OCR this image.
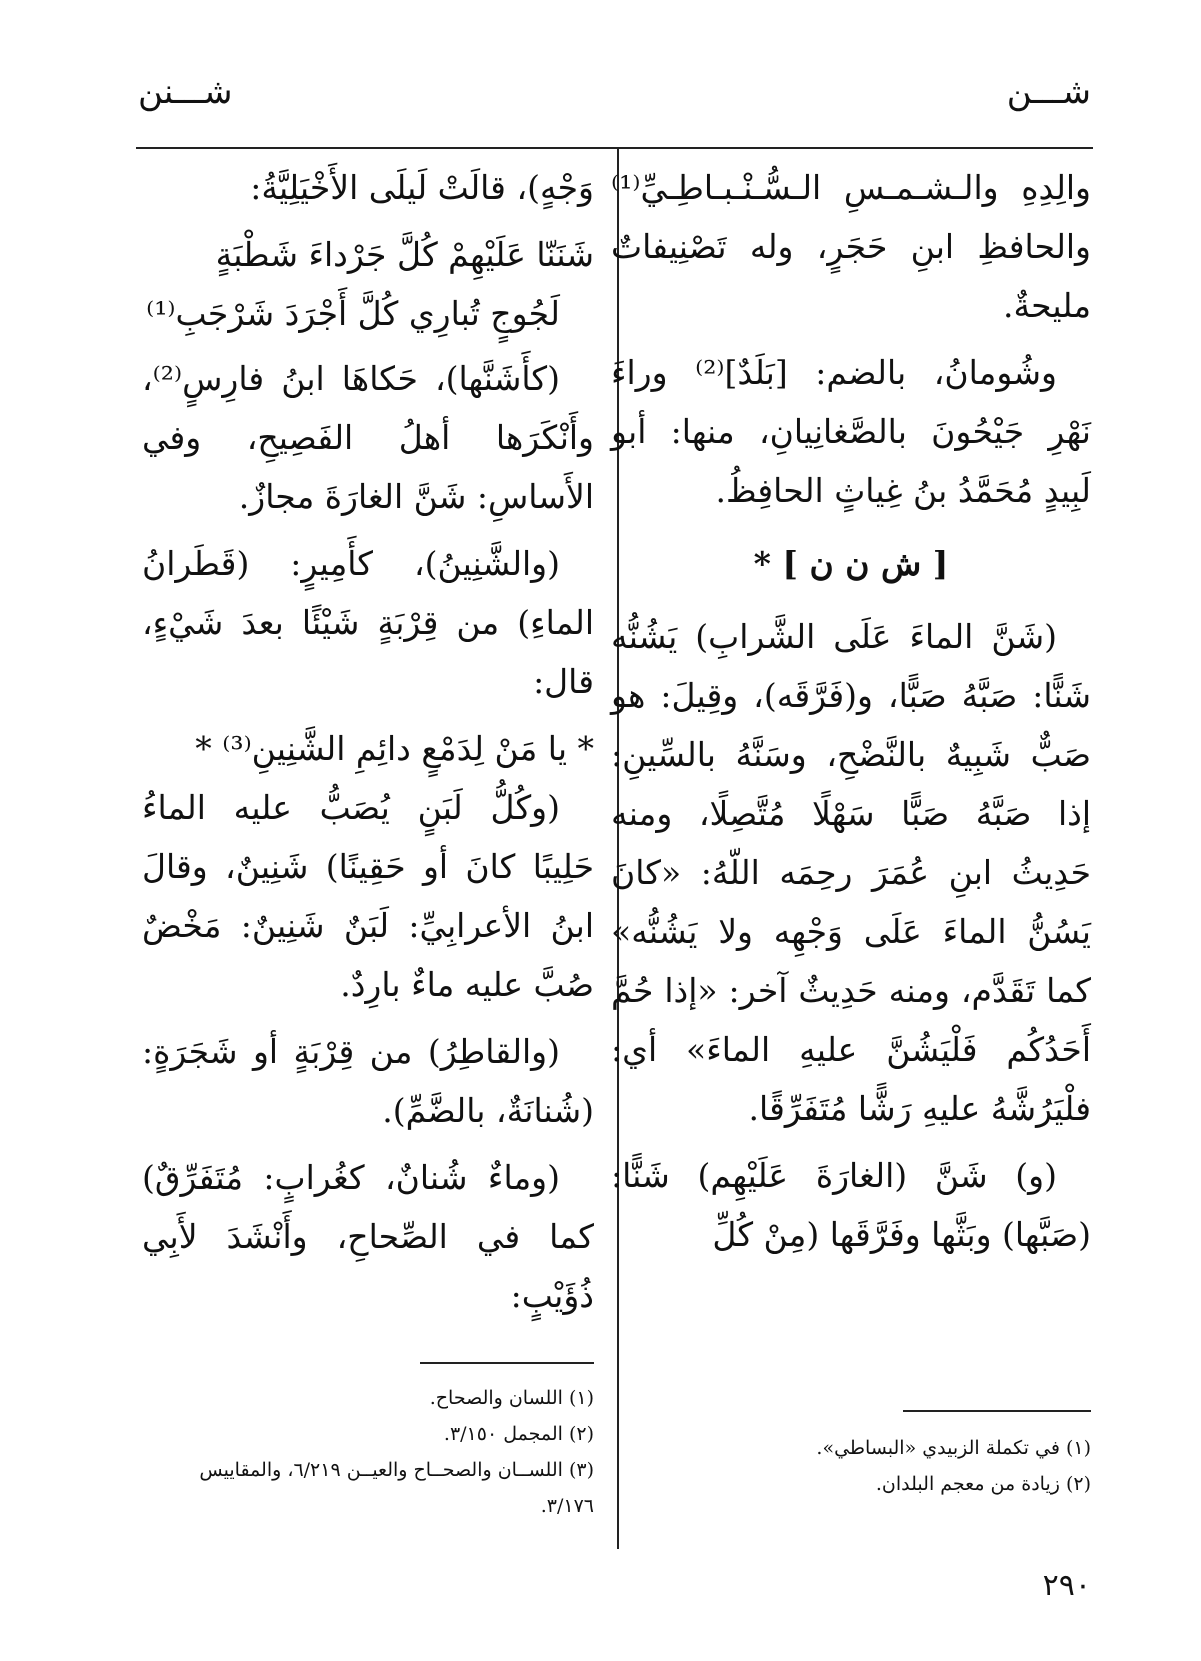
شـــن
شـــنن

والِدِهِ والـشـمـسِ الـسُّـنْـبـاطِـيِّ⁽¹⁾ والحافظِ ابنِ حَجَرٍ، وله تَصْنِيفاتٌ مليحةٌ.

وشُومانُ، بالضم: [بَلَدٌ]⁽²⁾ وراءَ نَهْرِ جَيْحُونَ بالصَّغانِيانِ، منها: أبو لَبِيدٍ مُحَمَّدُ بنُ غِياثٍ الحافِظُ.

[ ش ن ن ] *

(شَنَّ الماءَ عَلَى الشَّرابِ) يَشُنُّه شَنًّا: صَبَّهُ صَبًّا، و(فَرَّقَه)، وقِيلَ: هو صَبٌّ شَبِيهٌ بالنَّضْحِ، وسَنَّهُ بالسِّينِ: إذا صَبَّهُ صَبًّا سَهْلًا مُتَّصِلًا، ومنه حَدِيثُ ابنِ عُمَرَ رحِمَه اللّهُ: «كانَ يَسُنُّ الماءَ عَلَى وَجْهِه ولا يَشُنُّه» كما تَقَدَّم، ومنه حَدِيثٌ آخر: «إذا حُمَّ أَحَدُكُم فَلْيَشُنَّ عليهِ الماءَ» أي: فلْيَرُشَّهُ عليهِ رَشًّا مُتَفَرِّقًا.

(و) شَنَّ (الغارَةَ عَلَيْهِم) شَنًّا: (صَبَّها) وبَثَّها وفَرَّقَها (مِنْ كُلِّ

وَجْهٍ)، قالَتْ لَيلَى الأَخْيَلِيَّةُ:

شَنَنّا عَلَيْهِمْ كُلَّ جَرْداءَ شَطْبَةٍ

لَجُوجٍ تُبارِي كُلَّ أَجْرَدَ شَرْجَبِ⁽¹⁾

(كأَشَنَّها)، حَكاهَا ابنُ فارِسٍ⁽²⁾، وأَنْكَرَها أهلُ الفَصِيحِ، وفي الأَساسِ: شَنَّ الغارَةَ مجازٌ.

(والشَّنِينُ)، كأَمِيرٍ: (قَطَرانُ الماءِ) من قِرْبَةٍ شَيْئًا بعدَ شَيْءٍ، قال:

* يا مَنْ لِدَمْعٍ دائِمِ الشَّنِينِ⁽³⁾ *

(وكُلُّ لَبَنٍ يُصَبُّ عليه الماءُ حَلِيبًا كانَ أو حَقِينًا) شَنِينٌ، وقالَ ابنُ الأعرابِيِّ: لَبَنٌ شَنِينٌ: مَخْضٌ صُبَّ عليه ماءٌ بارِدٌ.

(والقاطِرُ) من قِرْبَةٍ أو شَجَرَةٍ: (شُنانَةٌ، بالضَّمِّ).

(وماءٌ شُنانٌ، كغُرابٍ: مُتَفَرِّقٌ) كما في الصِّحاحِ، وأَنْشَدَ لأَبِي ذُؤَيْبٍ:

(١) في تكملة الزبيدي «البساطي».
(٢) زيادة من معجم البلدان.
(١) اللسان والصحاح.
(٢) المجمل ٣/١٥٠.
(٣) اللســان والصحــاح والعيــن ٦/٢١٩، والمقاييس ٣/١٧٦.
٢٩٠
